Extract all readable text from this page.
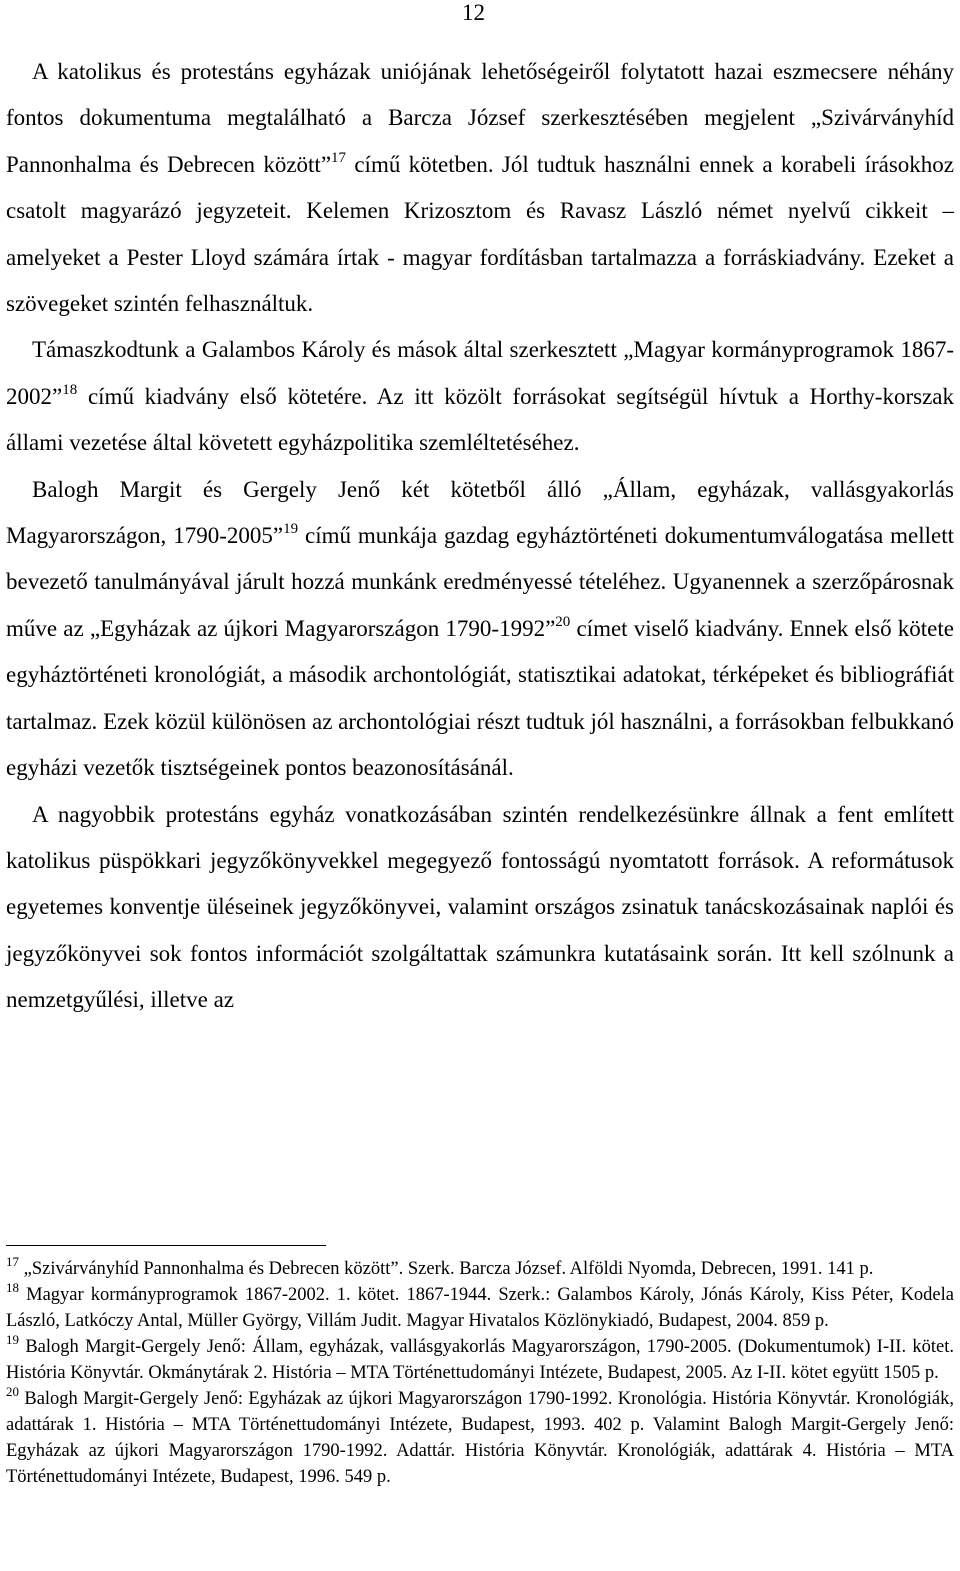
12

A katolikus és protestáns egyházak uniójának lehetőségeiről folytatott hazai eszmecsere néhány fontos dokumentuma megtalálható a Barcza József szerkesztésében megjelent „Szivárványhíd Pannonhalma és Debrecen között”$^{17}$ című kötetben. Jól tudtuk használni ennek a korabeli írásokhoz csatolt magyarázó jegyzeteit. Kelemen Krizosztom és Ravasz László német nyelvű cikkeit – amelyeket a Pester Lloyd számára írtak - magyar fordításban tartalmazza a forráskiadvány. Ezeket a szövegeket szintén felhasználtuk.

Támaszkodtunk a Galambos Károly és mások által szerkesztett „Magyar kormányprogramok 1867-2002”$^{18}$ című kiadvány első kötetére. Az itt közölt forrásokat segítségül hívtuk a Horthy-korszak állami vezetése által követett egyházpolitika szemléltetéséhez.

Balogh Margit és Gergely Jenő két kötetből álló „Állam, egyházak, vallásgyakorlás Magyarországon, 1790-2005”$^{19}$ című munkája gazdag egyháztörténeti dokumentumválogatása mellett bevezető tanulmányával járult hozzá munkánk eredményessé tételéhez. Ugyanennek a szerzőpárosnak műve az „Egyházak az újkori Magyarországon 1790-1992”$^{20}$ címet viselő kiadvány. Ennek első kötete egyháztörténeti kronológiát, a második archontológiát, statisztikai adatokat, térképeket és bibliográfiát tartalmaz. Ezek közül különösen az archontológiai részt tudtuk jól használni, a forrásokban felbukkanó egyházi vezetők tisztségeinek pontos beazonosításánál.

A nagyobbik protestáns egyház vonatkozásában szintén rendelkezésünkre állnak a fent említett katolikus püspökkari jegyzőkönyvekkel megegyező fontosságú nyomtatott források. A reformátusok egyetemes konventje üléseinek jegyzőkönyvei, valamint országos zsinatuk tanácskozásainak naplói és jegyzőkönyvei sok fontos információt szolgáltattak számunkra kutatásaink során. Itt kell szólnunk a nemzetgyűlési, illetve az

$^{17}$ „Szivárványhíd Pannonhalma és Debrecen között”. Szerk. Barcza József. Alföldi Nyomda, Debrecen, 1991. 141 p.

$^{18}$ Magyar kormányprogramok 1867-2002. 1. kötet. 1867-1944. Szerk.: Galambos Károly, Jónás Károly, Kiss Péter, Kodela László, Latkóczy Antal, Müller György, Villám Judit. Magyar Hivatalos Közlönykiadó, Budapest, 2004. 859 p.

$^{19}$ Balogh Margit-Gergely Jenő: Állam, egyházak, vallásgyakorlás Magyarországon, 1790-2005. (Dokumentumok) I-II. kötet. História Könyvtár. Okmánytárak 2. História – MTA Történettudományi Intézete, Budapest, 2005. Az I-II. kötet együtt 1505 p.

$^{20}$ Balogh Margit-Gergely Jenő: Egyházak az újkori Magyarországon 1790-1992. Kronológia. História Könyvtár. Kronológiák, adattárak 1. História – MTA Történettudományi Intézete, Budapest, 1993. 402 p. Valamint Balogh Margit-Gergely Jenő: Egyházak az újkori Magyarországon 1790-1992. Adattár. História Könyvtár. Kronológiák, adattárak 4. História – MTA Történettudományi Intézete, Budapest, 1996. 549 p.
